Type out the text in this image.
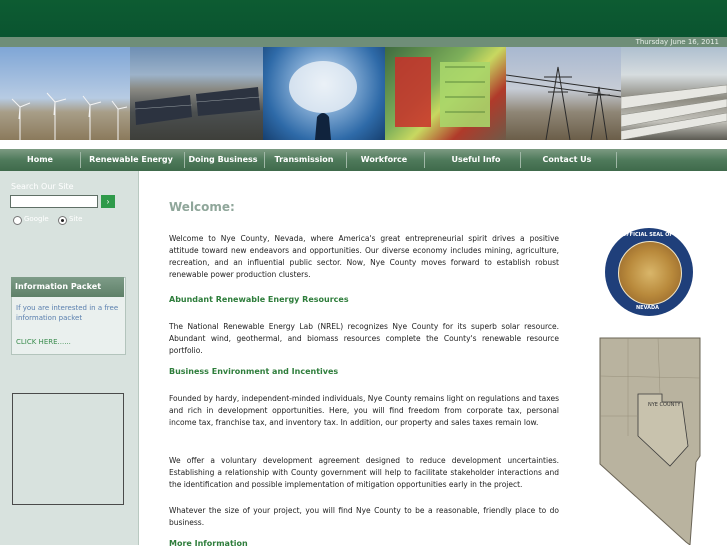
Thursday June 16, 2011
Home	Renewable Energy	Doing Business	Transmission	Workforce	Useful Info	Contact Us
Search Our Site
›
Google	Site
Information Packet
If you are interested in a free information packet
CLICK HERE......
Welcome:
Welcome to Nye County, Nevada, where America's great entrepreneurial spirit drives a positive attitude toward new endeavors and opportunities. Our diverse economy includes mining, agriculture, recreation, and an influential public sector. Now, Nye County moves forward to establish robust renewable power production clusters.
Abundant Renewable Energy Resources
The National Renewable Energy Lab (NREL) recognizes Nye County for its superb solar resource. Abundant wind, geothermal, and biomass resources complete the County's renewable resource portfolio.
Business Environment and Incentives
Founded by hardy, independent-minded individuals, Nye County remains light on regulations and taxes and rich in development opportunities. Here, you will find freedom from corporate tax, personal income tax, franchise tax, and inventory tax. In addition, our property and sales taxes remain low.
We offer a voluntary development agreement designed to reduce development uncertainties. Establishing a relationship with County government will help to facilitate stakeholder interactions and the identification and possible implementation of mitigation opportunities early in the project.
Whatever the size of your project, you will find Nye County to be a reasonable, friendly place to do business.
More Information
OFFICIAL SEAL OF NYE COUNTY
NEVADA
NYE COUNTY
